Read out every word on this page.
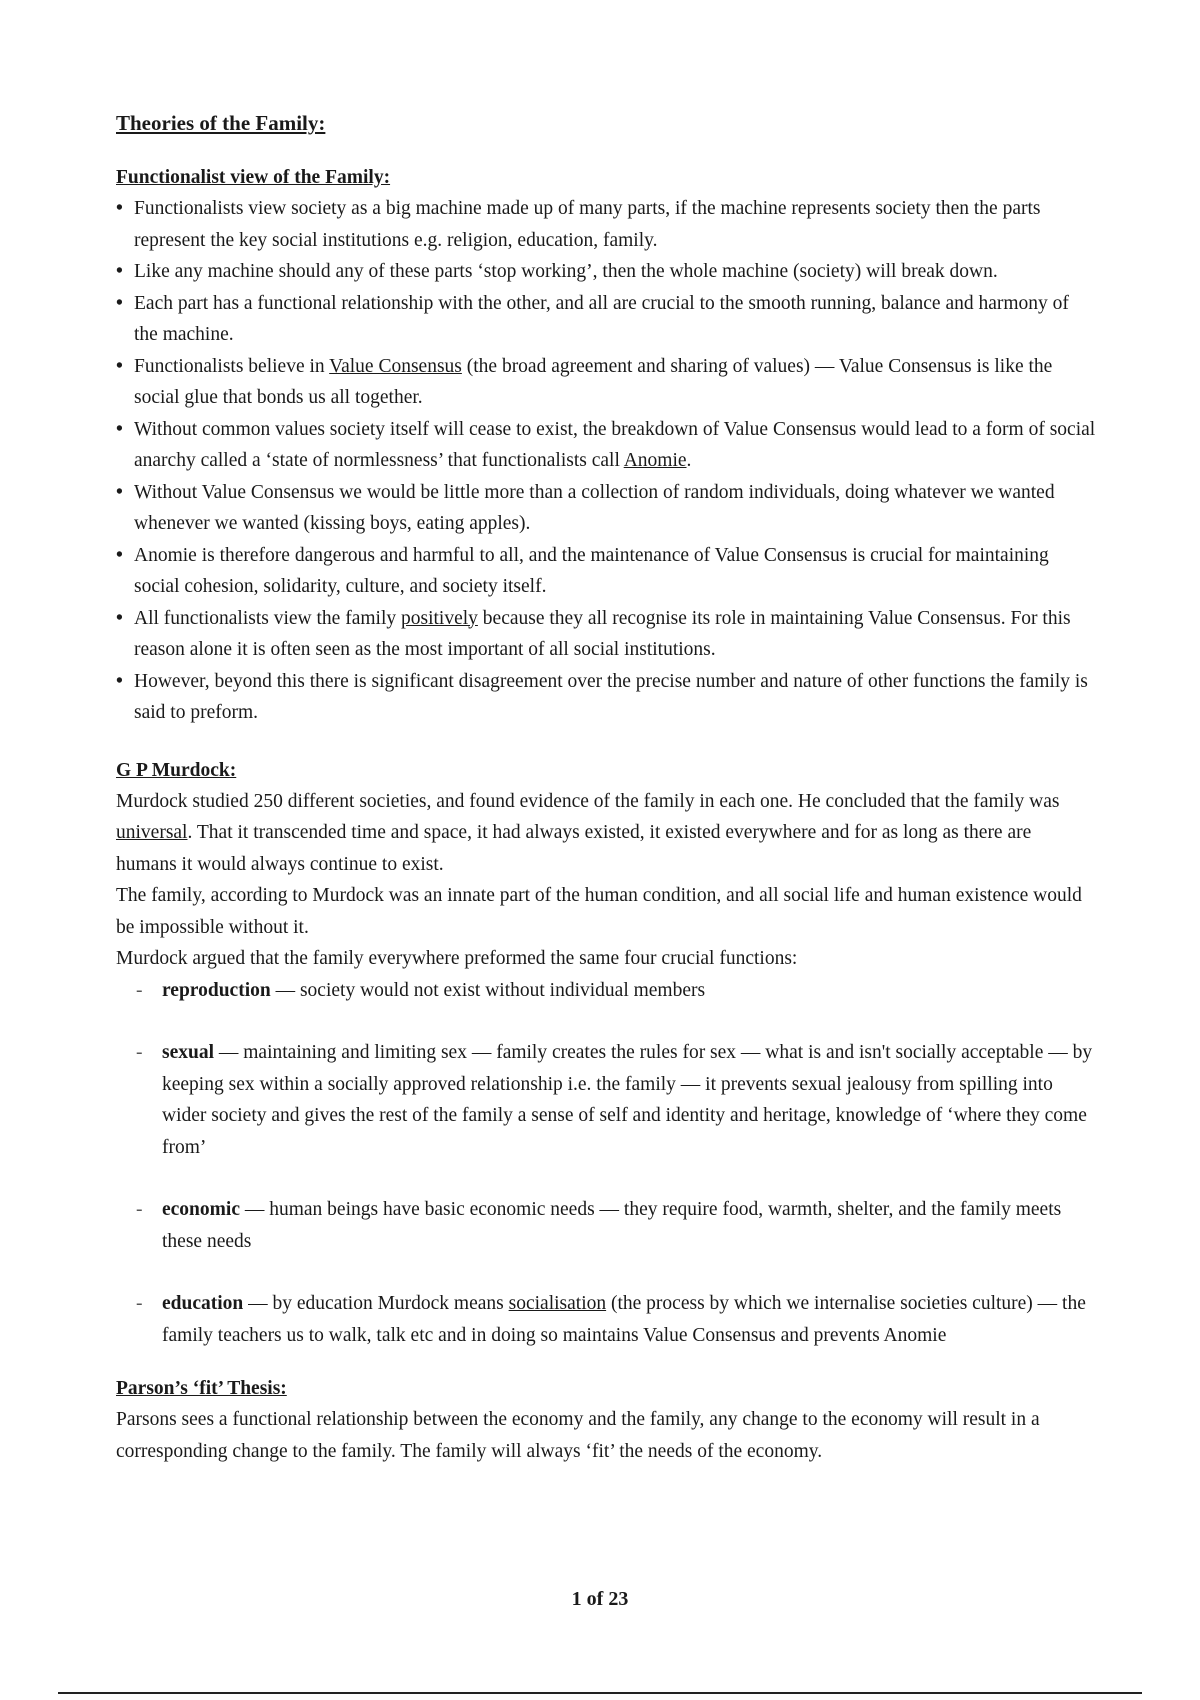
Theories of the Family:
Functionalist view of the Family:
• Functionalists view society as a big machine made up of many parts, if the machine represents society then the parts represent the key social institutions e.g. religion, education, family.
• Like any machine should any of these parts ‘stop working’, then the whole machine (society) will break down.
• Each part has a functional relationship with the other, and all are crucial to the smooth running, balance and harmony of the machine.
• Functionalists believe in Value Consensus (the broad agreement and sharing of values) — Value Consensus is like the social glue that bonds us all together.
• Without common values society itself will cease to exist, the breakdown of Value Consensus would lead to a form of social anarchy called a ‘state of normlessness’ that functionalists call Anomie.
• Without Value Consensus we would be little more than a collection of random individuals, doing whatever we wanted whenever we wanted (kissing boys, eating apples).
• Anomie is therefore dangerous and harmful to all, and the maintenance of Value Consensus is crucial for maintaining social cohesion, solidarity, culture, and society itself.
• All functionalists view the family positively because they all recognise its role in maintaining Value Consensus. For this reason alone it is often seen as the most important of all social institutions.
• However, beyond this there is significant disagreement over the precise number and nature of other functions the family is said to preform.
G P Murdock:

Murdock studied 250 different societies, and found evidence of the family in each one. He concluded that the family was universal. That it transcended time and space, it had always existed, it existed everywhere and for as long as there are humans it would always continue to exist.

The family, according to Murdock was an innate part of the human condition, and all social life and human existence would be impossible without it.

Murdock argued that the family everywhere preformed the same four crucial functions:

- reproduction — society would not exist without individual members
- sexual — maintaining and limiting sex — family creates the rules for sex — what is and isn't socially acceptable — by keeping sex within a socially approved relationship i.e. the family — it prevents sexual jealousy from spilling into wider society and gives the rest of the family a sense of self and identity and heritage, knowledge of ‘where they come from’
- economic — human beings have basic economic needs — they require food, warmth, shelter, and the family meets these needs
- education — by education Murdock means socialisation (the process by which we internalise societies culture) — the family teachers us to walk, talk etc and in doing so maintains Value Consensus and prevents Anomie
Parson’s ‘fit’ Thesis:

Parsons sees a functional relationship between the economy and the family, any change to the economy will result in a corresponding change to the family. The family will always ‘fit’ the needs of the economy.

1 of 23
